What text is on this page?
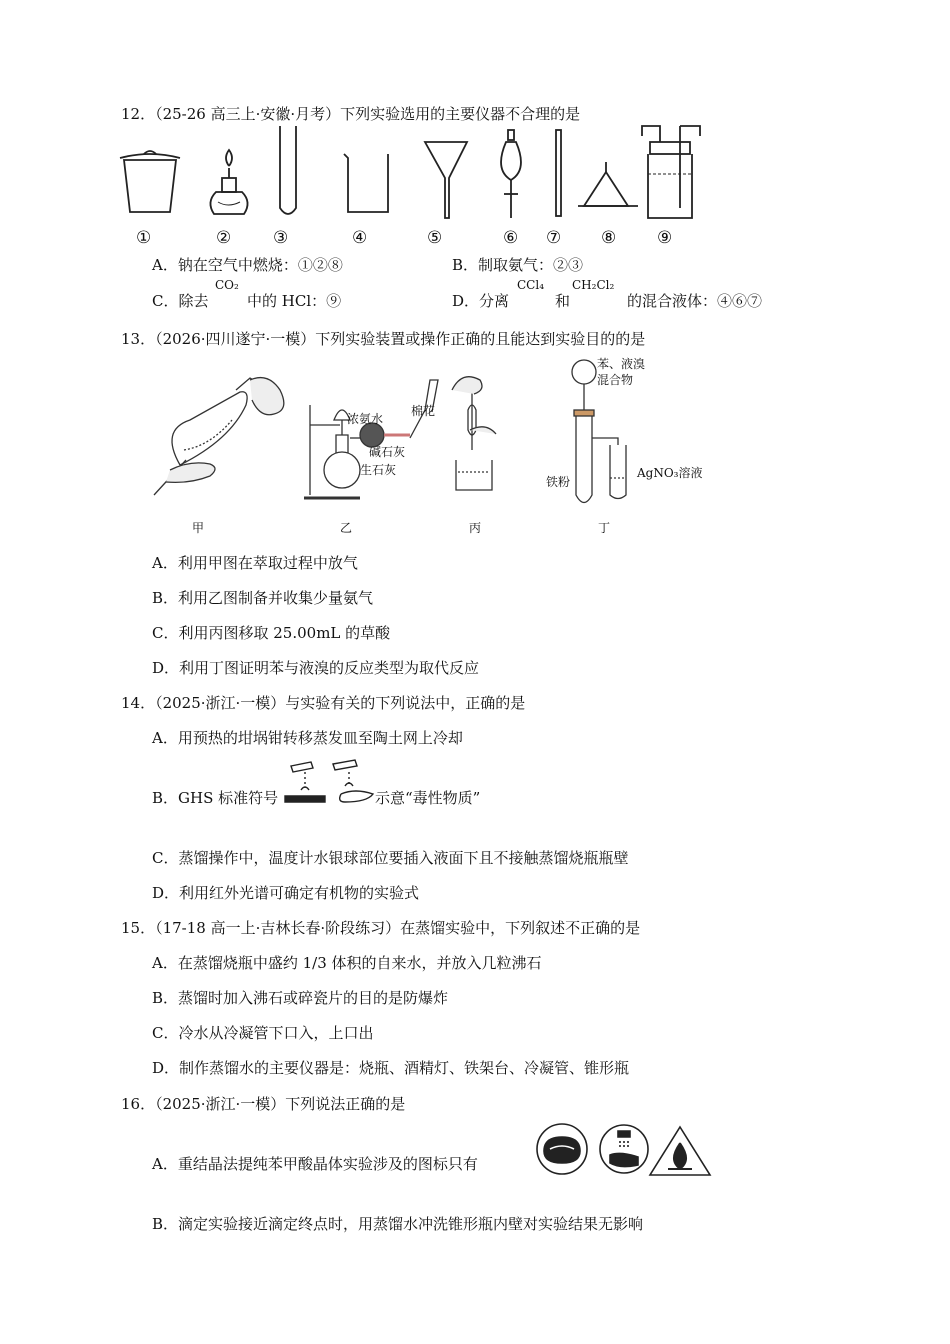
12．（25-26 高三上·安徽·月考）下列实验选用的主要仪器不合理的是
①	② ③	④	⑤	⑥ ⑦ ⑧ ⑨
A．钠在空气中燃烧：①②⑧	B．制取氨气：②③
C．除去
CO₂
中的 HCl：⑨	D．分离
CCl₄
和
CH₂Cl₂
的混合液体：④⑥⑦
13．（2026·四川遂宁·一模）下列实验装置或操作正确的且能达到实验目的的是
浓氨水
棉花
碱石灰
生石灰
苯、液溴
混合物
铁粉
AgNO₃溶液
甲	乙	丙	丁
A．利用甲图在萃取过程中放气
B．利用乙图制备并收集少量氨气
C．利用丙图移取 25.00mL 的草酸
D．利用丁图证明苯与液溴的反应类型为取代反应
14．（2025·浙江·一模）与实验有关的下列说法中，正确的是
A．用预热的坩埚钳转移蒸发皿至陶土网上冷却
B．GHS 标准符号	示意“毒性物质”
C．蒸馏操作中，温度计水银球部位要插入液面下且不接触蒸馏烧瓶瓶壁
D．利用红外光谱可确定有机物的实验式
15．（17-18 高一上·吉林长春·阶段练习）在蒸馏实验中，下列叙述不正确的是
A．在蒸馏烧瓶中盛约 1/3 体积的自来水，并放入几粒沸石
B．蒸馏时加入沸石或碎瓷片的目的是防爆炸
C．冷水从冷凝管下口入，上口出
D．制作蒸馏水的主要仪器是：烧瓶、酒精灯、铁架台、冷凝管、锥形瓶
16．（2025·浙江·一模）下列说法正确的是
A．重结晶法提纯苯甲酸晶体实验涉及的图标只有
B．滴定实验接近滴定终点时，用蒸馏水冲洗锥形瓶内壁对实验结果无影响
